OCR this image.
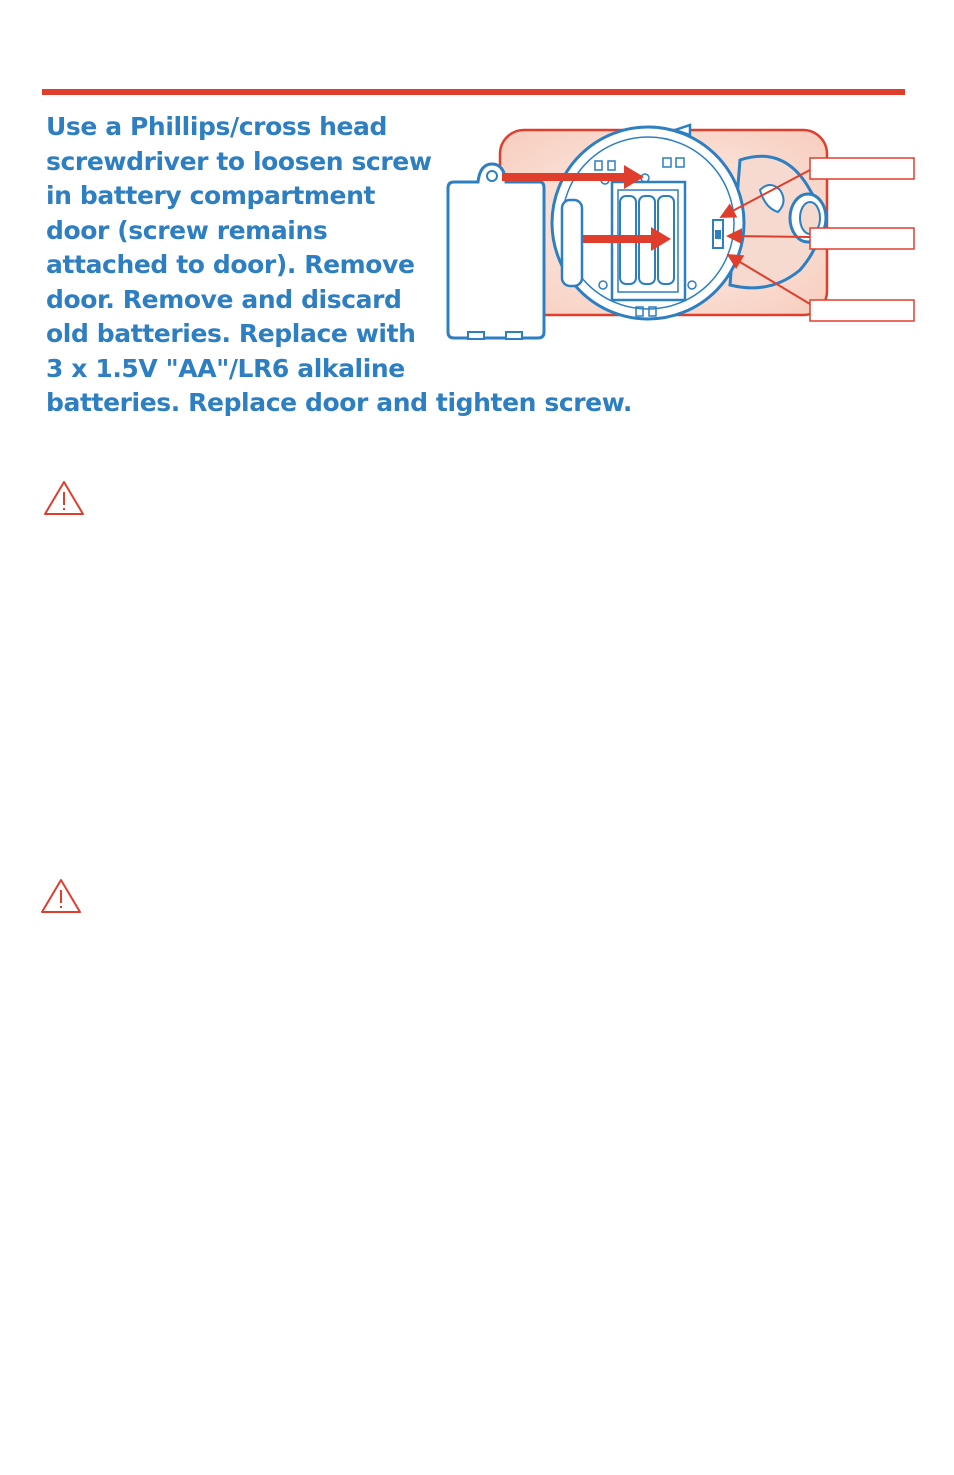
Use a Phillips/cross head
screwdriver to loosen screw
in battery compartment
door (screw remains
attached to door). Remove
door. Remove and discard
old batteries. Replace with
3 x 1.5V "AA"/LR6 alkaline
batteries. Replace door and tighten screw.
